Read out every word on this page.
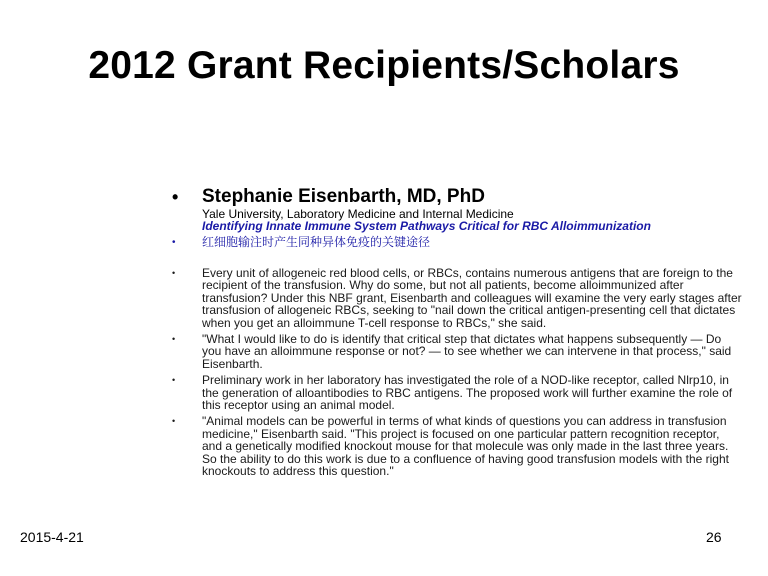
2012 Grant Recipients/Scholars
• Stephanie Eisenbarth, MD, PhD
Yale University, Laboratory Medicine and Internal Medicine
Identifying Innate Immune System Pathways Critical for RBC Alloimmunization
• 红细胞输注时产生同种异体免疫的关键途径
• Every unit of allogeneic red blood cells, or RBCs, contains numerous antigens that are foreign to the recipient of the transfusion. Why do some, but not all patients, become alloimmunized after transfusion? Under this NBF grant, Eisenbarth and colleagues will examine the very early stages after transfusion of allogeneic RBCs, seeking to "nail down the critical antigen-presenting cell that dictates when you get an alloimmune T-cell response to RBCs," she said.
• "What I would like to do is identify that critical step that dictates what happens subsequently — Do you have an alloimmune response or not? — to see whether we can intervene in that process," said Eisenbarth.
• Preliminary work in her laboratory has investigated the role of a NOD-like receptor, called Nlrp10, in the generation of alloantibodies to RBC antigens. The proposed work will further examine the role of this receptor using an animal model.
• "Animal models can be powerful in terms of what kinds of questions you can address in transfusion medicine," Eisenbarth said. "This project is focused on one particular pattern recognition receptor, and a genetically modified knockout mouse for that molecule was only made in the last three years. So the ability to do this work is due to a confluence of having good transfusion models with the right knockouts to address this question."
2015-4-21	26
